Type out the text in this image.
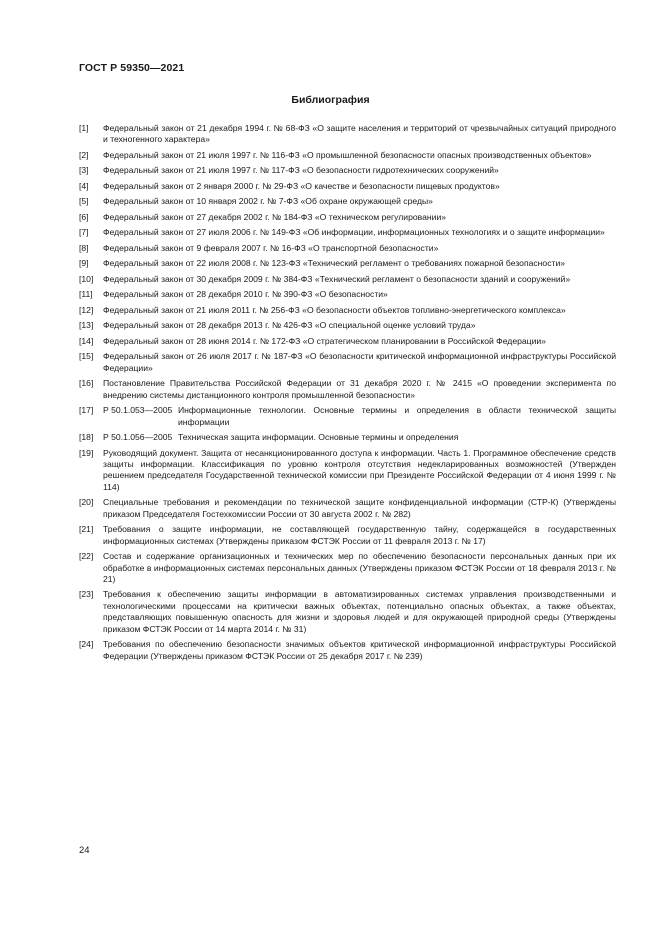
ГОСТ Р 59350—2021
Библиография
[1]	Федеральный закон от 21 декабря 1994 г. № 68-ФЗ «О защите населения и территорий от чрезвычайных ситуаций природного и техногенного характера»
[2]	Федеральный закон от 21 июля 1997 г. № 116-ФЗ «О промышленной безопасности опасных производственных объектов»
[3]	Федеральный закон от 21 июля 1997 г. № 117-ФЗ «О безопасности гидротехнических сооружений»
[4]	Федеральный закон от 2 января 2000 г. № 29-ФЗ «О качестве и безопасности пищевых продуктов»
[5]	Федеральный закон от 10 января 2002 г. № 7-ФЗ «Об охране окружающей среды»
[6]	Федеральный закон от 27 декабря 2002 г. № 184-ФЗ «О техническом регулировании»
[7]	Федеральный закон от 27 июля 2006 г. № 149-ФЗ «Об информации, информационных технологиях и о защите информации»
[8]	Федеральный закон от 9 февраля 2007 г. № 16-ФЗ «О транспортной безопасности»
[9]	Федеральный закон от 22 июля 2008 г. № 123-ФЗ «Технический регламент о требованиях пожарной безопасности»
[10]	Федеральный закон от 30 декабря 2009 г. № 384-ФЗ «Технический регламент о безопасности зданий и сооружений»
[11]	Федеральный закон от 28 декабря 2010 г. № 390-ФЗ «О безопасности»
[12]	Федеральный закон от 21 июля 2011 г. № 256-ФЗ «О безопасности объектов топливно-энергетического комплекса»
[13]	Федеральный закон от 28 декабря 2013 г. № 426-ФЗ «О специальной оценке условий труда»
[14]	Федеральный закон от 28 июня 2014 г. № 172-ФЗ «О стратегическом планировании в Российской Федерации»
[15]	Федеральный закон от 26 июля 2017 г. № 187-ФЗ «О безопасности критической информационной инфраструктуры Российской Федерации»
[16]	Постановление Правительства Российской Федерации от 31 декабря 2020 г. № 2415 «О проведении эксперимента по внедрению системы дистанционного контроля промышленной безопасности»
[17]	Р 50.1.053—2005 Информационные технологии. Основные термины и определения в области технической защиты информации
[18]	Р 50.1.056—2005 Техническая защита информации. Основные термины и определения
[19]	Руководящий документ. Защита от несанкционированного доступа к информации. Часть 1. Программное обеспечение средств защиты информации. Классификация по уровню контроля отсутствия недекларированных возможностей (Утвержден решением председателя Государственной технической комиссии при Президенте Российской Федерации от 4 июня 1999 г. № 114)
[20]	Специальные требования и рекомендации по технической защите конфиденциальной информации (СТР-К) (Утверждены приказом Председателя Гостехкомиссии России от 30 августа 2002 г. № 282)
[21]	Требования о защите информации, не составляющей государственную тайну, содержащейся в государственных информационных системах (Утверждены приказом ФСТЭК России от 11 февраля 2013 г. № 17)
[22]	Состав и содержание организационных и технических мер по обеспечению безопасности персональных данных при их обработке в информационных системах персональных данных (Утверждены приказом ФСТЭК России от 18 февраля 2013 г. № 21)
[23]	Требования к обеспечению защиты информации в автоматизированных системах управления производственными и технологическими процессами на критически важных объектах, потенциально опасных объектах, а также объектах, представляющих повышенную опасность для жизни и здоровья людей и для окружающей природной среды (Утверждены приказом ФСТЭК России от 14 марта 2014 г. № 31)
[24]	Требования по обеспечению безопасности значимых объектов критической информационной инфраструктуры Российской Федерации (Утверждены приказом ФСТЭК России от 25 декабря 2017 г. № 239)
24
